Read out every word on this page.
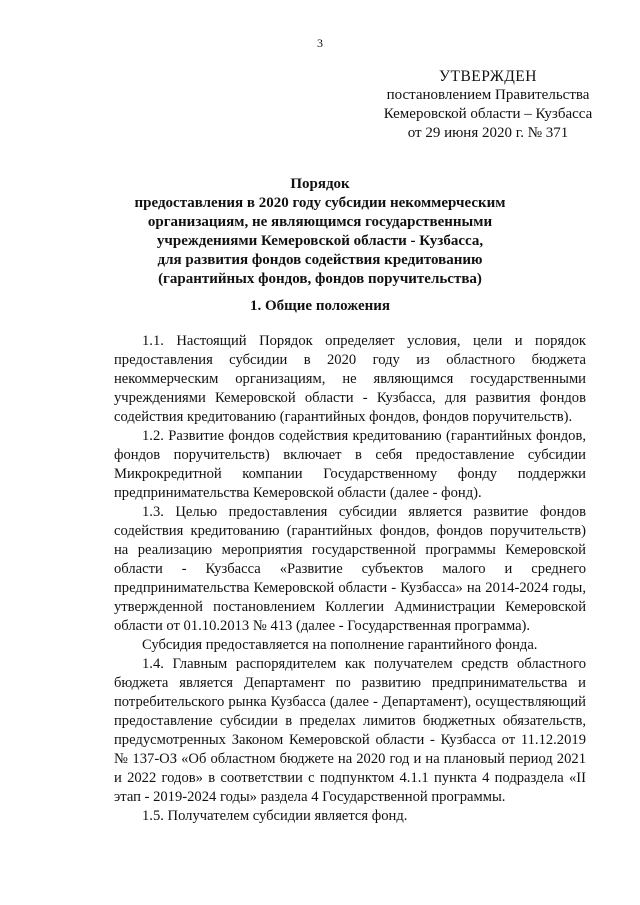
3
УТВЕРЖДЕН
постановлением Правительства
Кемеровской области – Кузбасса
от 29 июня 2020 г. № 371
Порядок
предоставления в 2020 году субсидии некоммерческим
организациям, не являющимся государственными
учреждениями Кемеровской области - Кузбасса,
для развития фондов содействия кредитованию
(гарантийных фондов, фондов поручительства)
1. Общие положения

1.1. Настоящий Порядок определяет условия, цели и порядок предоставления субсидии в 2020 году из областного бюджета некоммерческим организациям, не являющимся государственными учреждениями Кемеровской области - Кузбасса, для развития фондов содействия кредитованию (гарантийных фондов, фондов поручительств).

1.2. Развитие фондов содействия кредитованию (гарантийных фондов, фондов поручительств) включает в себя предоставление субсидии Микрокредитной компании Государственному фонду поддержки предпринимательства Кемеровской области (далее - фонд).

1.3. Целью предоставления субсидии является развитие фондов содействия кредитованию (гарантийных фондов, фондов поручительств) на реализацию мероприятия государственной программы Кемеровской области - Кузбасса «Развитие субъектов малого и среднего предпринимательства Кемеровской области - Кузбасса» на 2014-2024 годы, утвержденной постановлением Коллегии Администрации Кемеровской области от 01.10.2013 № 413 (далее - Государственная программа).

Субсидия предоставляется на пополнение гарантийного фонда.

1.4. Главным распорядителем как получателем средств областного бюджета является Департамент по развитию предпринимательства и потребительского рынка Кузбасса (далее - Департамент), осуществляющий предоставление субсидии в пределах лимитов бюджетных обязательств, предусмотренных Законом Кемеровской области - Кузбасса от 11.12.2019 № 137-ОЗ «Об областном бюджете на 2020 год и на плановый период 2021 и 2022 годов» в соответствии с подпунктом 4.1.1 пункта 4 подраздела «II этап - 2019-2024 годы» раздела 4 Государственной программы.

1.5. Получателем субсидии является фонд.
